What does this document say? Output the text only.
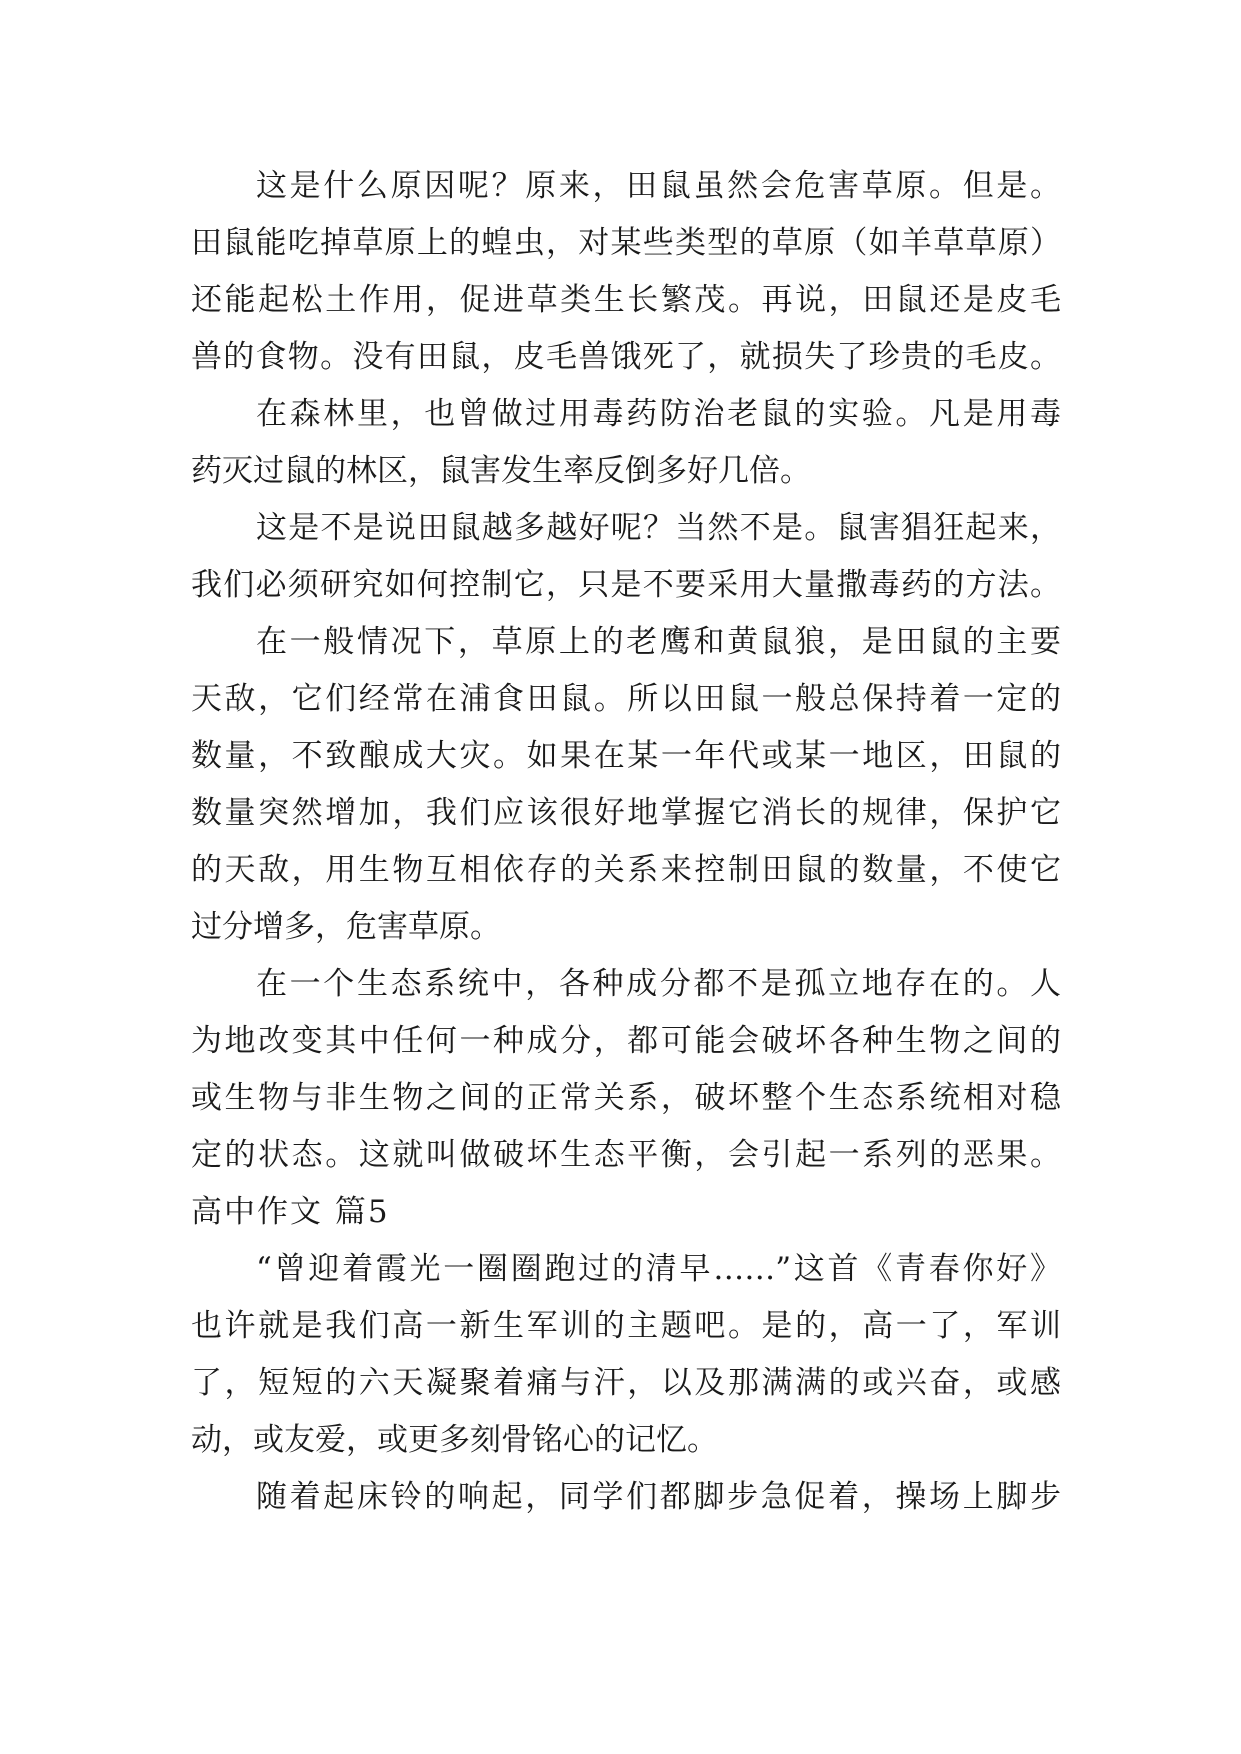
这是什么原因呢？原来，田鼠虽然会危害草原。但是。
田鼠能吃掉草原上的蝗虫，对某些类型的草原（如羊草草原）
还能起松土作用，促进草类生长繁茂。再说，田鼠还是皮毛
兽的食物。没有田鼠，皮毛兽饿死了，就损失了珍贵的毛皮。
在森林里，也曾做过用毒药防治老鼠的实验。凡是用毒
药灭过鼠的林区，鼠害发生率反倒多好几倍。
这是不是说田鼠越多越好呢？当然不是。鼠害猖狂起来，
我们必须研究如何控制它，只是不要采用大量撒毒药的方法。
在一般情况下，草原上的老鹰和黄鼠狼，是田鼠的主要
天敌，它们经常在浦食田鼠。所以田鼠一般总保持着一定的
数量，不致酿成大灾。如果在某一年代或某一地区，田鼠的
数量突然增加，我们应该很好地掌握它消长的规律，保护它
的天敌，用生物互相依存的关系来控制田鼠的数量，不使它
过分增多，危害草原。
在一个生态系统中，各种成分都不是孤立地存在的。人
为地改变其中任何一种成分，都可能会破坏各种生物之间的
或生物与非生物之间的正常关系，破坏整个生态系统相对稳
定的状态。这就叫做破坏生态平衡，会引起一系列的恶果。
高中作文 篇5
“曾迎着霞光一圈圈跑过的清早……”这首《青春你好》
也许就是我们高一新生军训的主题吧。是的，高一了，军训
了，短短的六天凝聚着痛与汗，以及那满满的或兴奋，或感
动，或友爱，或更多刻骨铭心的记忆。
随着起床铃的响起，同学们都脚步急促着，操场上脚步
